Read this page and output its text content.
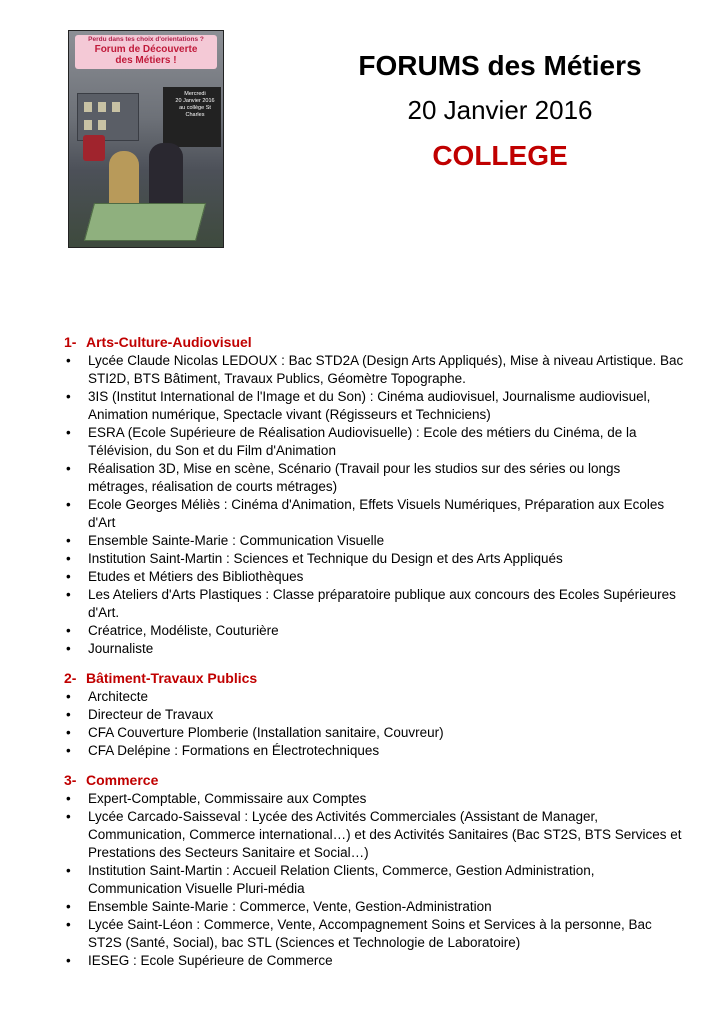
Perdu dans tes choix d'orientations ?
Forum de Découverte
des Métiers !
Mercredi
20 Janvier 2016
au collège St Charles
FORUMS des Métiers
20 Janvier 2016
COLLEGE
1- Arts-Culture-Audiovisuel
• Lycée Claude Nicolas LEDOUX : Bac STD2A (Design Arts Appliqués), Mise à niveau Artistique. Bac STI2D, BTS Bâtiment, Travaux Publics, Géomètre Topographe.
• 3IS (Institut International de l'Image et du Son) : Cinéma audiovisuel, Journalisme audiovisuel, Animation numérique, Spectacle vivant (Régisseurs et Techniciens)
• ESRA (Ecole Supérieure de Réalisation Audiovisuelle) : Ecole des métiers du Cinéma, de la Télévision, du Son et du Film d'Animation
• Réalisation 3D, Mise en scène, Scénario (Travail pour les studios sur des séries ou longs métrages, réalisation de courts métrages)
• Ecole Georges Méliès : Cinéma d'Animation, Effets Visuels Numériques, Préparation aux Ecoles d'Art
• Ensemble Sainte-Marie : Communication Visuelle
• Institution Saint-Martin : Sciences et Technique du Design et des Arts Appliqués
• Etudes et Métiers des Bibliothèques
• Les Ateliers d'Arts Plastiques : Classe préparatoire publique aux concours des Ecoles Supérieures d'Art.
• Créatrice, Modéliste, Couturière
• Journaliste
2- Bâtiment-Travaux Publics
• Architecte
• Directeur de Travaux
• CFA Couverture Plomberie (Installation sanitaire, Couvreur)
• CFA Delépine : Formations en Électrotechniques
3- Commerce
• Expert-Comptable, Commissaire aux Comptes
• Lycée Carcado-Saisseval : Lycée des Activités Commerciales (Assistant de Manager, Communication, Commerce international…) et des Activités Sanitaires (Bac ST2S, BTS Services et Prestations des Secteurs Sanitaire et Social…)
• Institution Saint-Martin : Accueil Relation Clients, Commerce, Gestion Administration, Communication Visuelle Pluri-média
• Ensemble Sainte-Marie : Commerce, Vente, Gestion-Administration
• Lycée Saint-Léon : Commerce, Vente, Accompagnement Soins et Services à la personne, Bac ST2S (Santé, Social), bac STL (Sciences et Technologie de Laboratoire)
• IESEG : Ecole Supérieure de Commerce
